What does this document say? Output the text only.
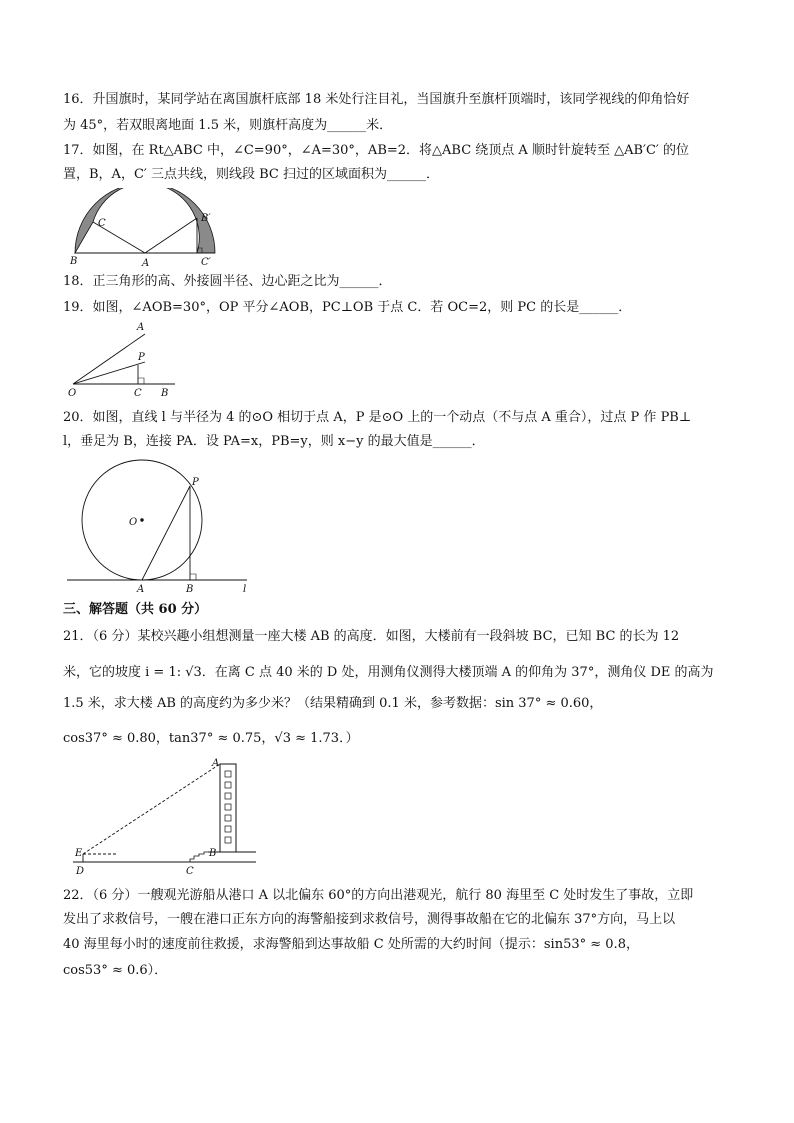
16．升国旗时，某同学站在离国旗杆底部 18 米处行注目礼，当国旗升至旗杆顶端时，该同学视线的仰角恰好
为 45°，若双眼离地面 1.5 米，则旗杆高度为______米．
17．如图，在 Rt△ABC 中，∠C=90°，∠A=30°，AB=2．将△ABC 绕顶点 A 顺时针旋转至 △AB′C′ 的位
置，B，A，C′ 三点共线，则线段 BC 扫过的区域面积为______．
B
C
A
B′
C′
18．正三角形的高、外接圆半径、边心距之比为______．
19．如图，∠AOB=30°，OP 平分∠AOB，PC⊥OB 于点 C．若 OC=2，则 PC 的长是______．
A
P
O	C B
20．如图，直线 l 与半径为 4 的⊙O 相切于点 A，P 是⊙O 上的一个动点（不与点 A 重合），过点 P 作 PB⊥
l，垂足为 B，连接 PA．设 PA=x，PB=y，则 x−y 的最大值是______．
P
O
A	B	l
三、解答题（共 60 分）
21．（6 分）某校兴趣小组想测量一座大楼 AB 的高度．如图，大楼前有一段斜坡 BC，已知 BC 的长为 12
米，它的坡度 i = 1: √3．在离 C 点 40 米的 D 处，用测角仪测得大楼顶端 A 的仰角为 37°，测角仪 DE 的高为
1.5 米，求大楼 AB 的高度约为多少米？（结果精确到 0.1 米，参考数据：sin 37° ≈ 0.60，
cos37° ≈ 0.80，tan37° ≈ 0.75，√3 ≈ 1.73．）
A
B
C
D
E
22．（6 分）一艘观光游船从港口 A 以北偏东 60°的方向出港观光，航行 80 海里至 C 处时发生了事故，立即
发出了求救信号，一艘在港口正东方向的海警船接到求救信号，测得事故船在它的北偏东 37°方向，马上以
40 海里每小时的速度前往救援，求海警船到达事故船 C 处所需的大约时间（提示：sin53° ≈ 0.8，
cos53° ≈ 0.6）．
